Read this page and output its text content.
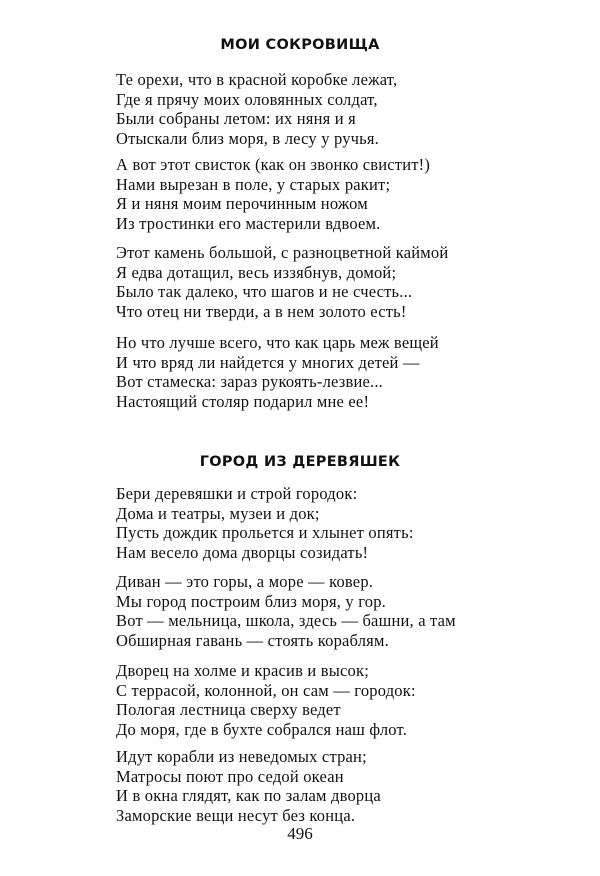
МОИ СОКРОВИЩА
Те орехи, что в красной коробке лежат,
Где я прячу моих оловянных солдат,
Были собраны летом: их няня и я
Отыскали близ моря, в лесу у ручья.
А вот этот свисток (как он звонко свистит!)
Нами вырезан в поле, у старых ракит;
Я и няня моим перочинным ножом
Из тростинки его мастерили вдвоем.
Этот камень большой, с разноцветной каймой
Я едва дотащил, весь иззябнув, домой;
Было так далеко, что шагов и не счесть...
Что отец ни тверди, а в нем золото есть!
Но что лучше всего, что как царь меж вещей
И что вряд ли найдется у многих детей —
Вот стамеска: зараз рукоять-лезвие...
Настоящий столяр подарил мне ее!
ГОРОД ИЗ ДЕРЕВЯШЕК
Бери деревяшки и строй городок:
Дома и театры, музеи и док;
Пусть дождик прольется и хлынет опять:
Нам весело дома дворцы созидать!
Диван — это горы, а море — ковер.
Мы город построим близ моря, у гор.
Вот — мельница, школа, здесь — башни, а там
Обширная гавань — стоять кораблям.
Дворец на холме и красив и высок;
С террасой, колонной, он сам — городок:
Пологая лестница сверху ведет
До моря, где в бухте собрался наш флот.
Идут корабли из неведомых стран;
Матросы поют про седой океан
И в окна глядят, как по залам дворца
Заморские вещи несут без конца.
496
